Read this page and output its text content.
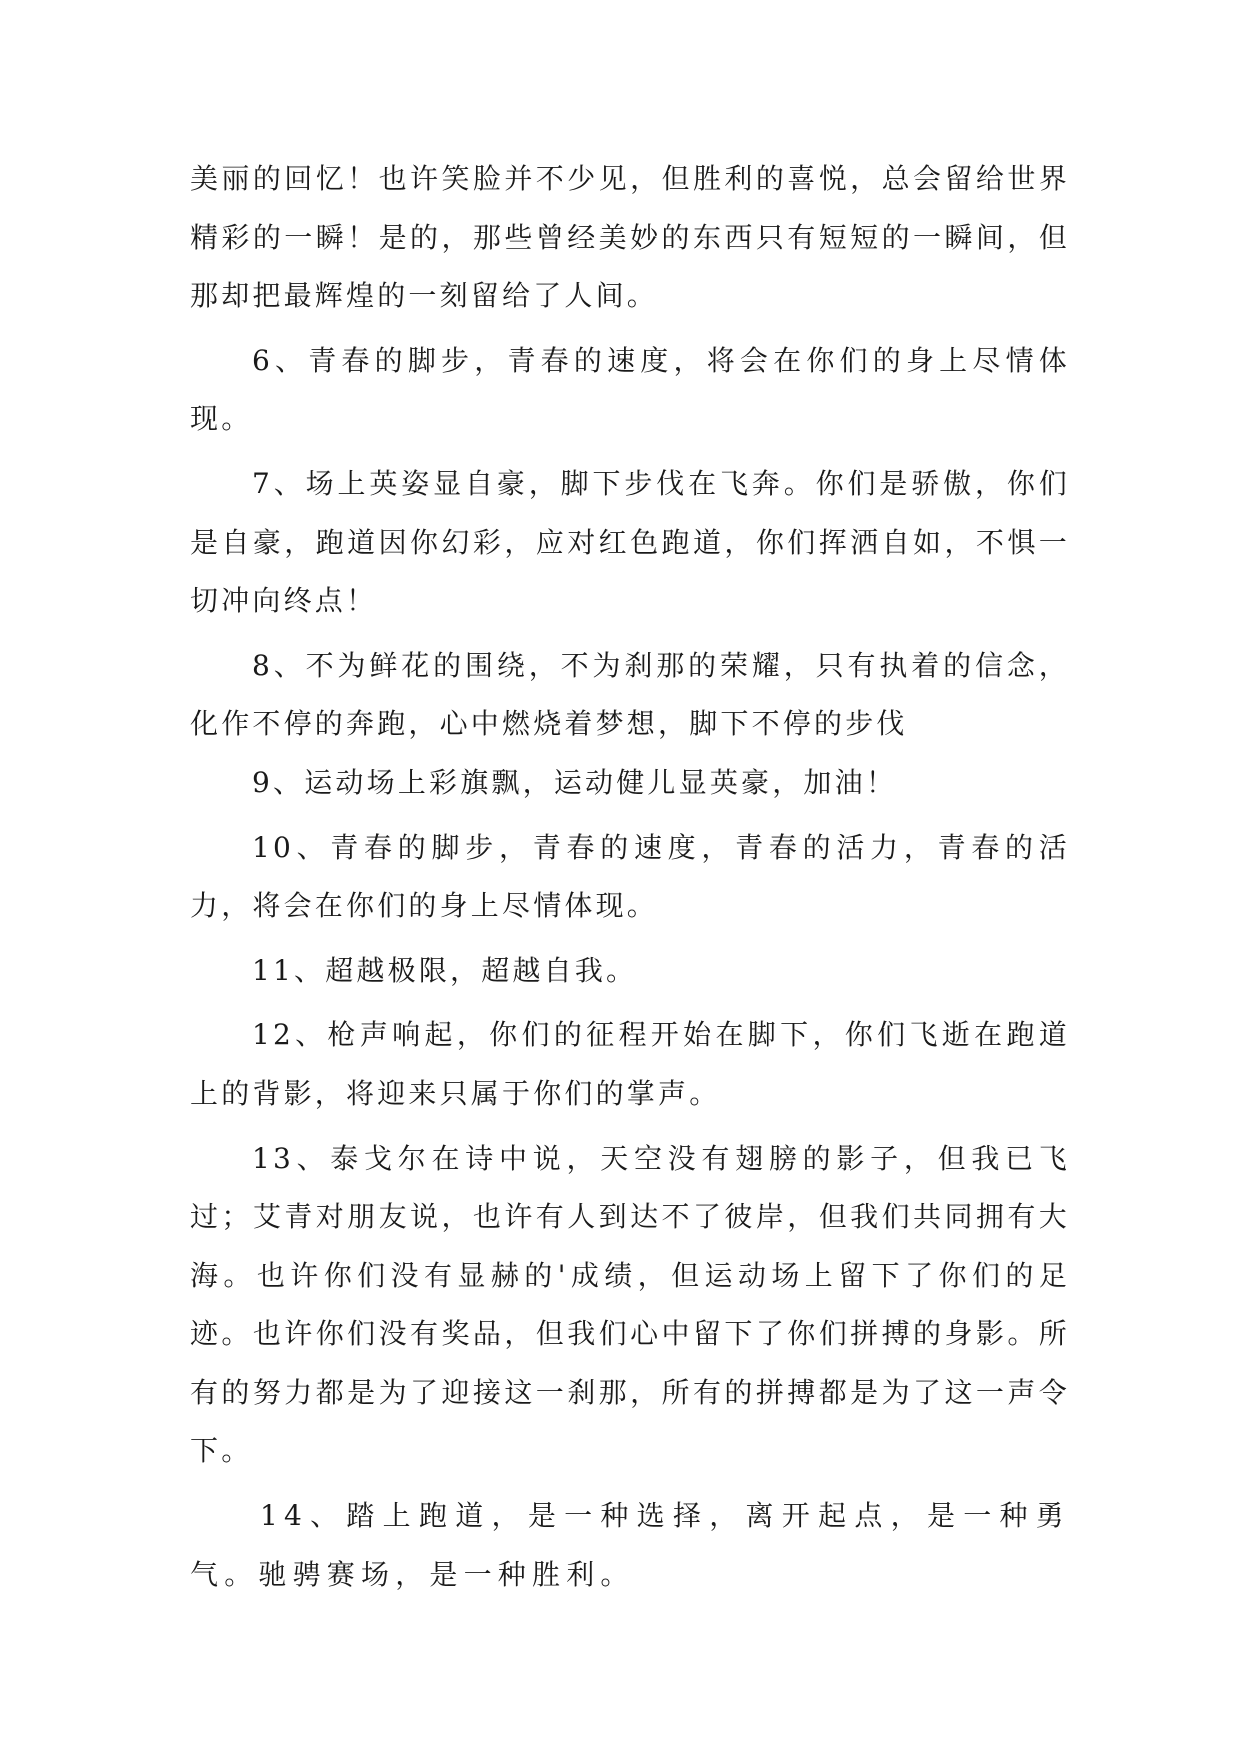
美丽的回忆！也许笑脸并不少见，但胜利的喜悦，总会留给世界精彩的一瞬！是的，那些曾经美妙的东西只有短短的一瞬间，但那却把最辉煌的一刻留给了人间。

6、青春的脚步，青春的速度，将会在你们的身上尽情体现。

7、场上英姿显自豪，脚下步伐在飞奔。你们是骄傲，你们是自豪，跑道因你幻彩，应对红色跑道，你们挥洒自如，不惧一切冲向终点！

8、不为鲜花的围绕，不为刹那的荣耀，只有执着的信念，化作不停的奔跑，心中燃烧着梦想，脚下不停的步伐

9、运动场上彩旗飘，运动健儿显英豪，加油！

10、青春的脚步，青春的速度，青春的活力，青春的活力，将会在你们的身上尽情体现。

11、超越极限，超越自我。

12、枪声响起，你们的征程开始在脚下，你们飞逝在跑道上的背影，将迎来只属于你们的掌声。

13、泰戈尔在诗中说，天空没有翅膀的影子，但我已飞过；艾青对朋友说，也许有人到达不了彼岸，但我们共同拥有大海。也许你们没有显赫的'成绩，但运动场上留下了你们的足迹。也许你们没有奖品，但我们心中留下了你们拼搏的身影。所有的努力都是为了迎接这一刹那，所有的拼搏都是为了这一声令下。

14、踏上跑道，是一种选择，离开起点，是一种勇气。驰骋赛场，是一种胜利。
